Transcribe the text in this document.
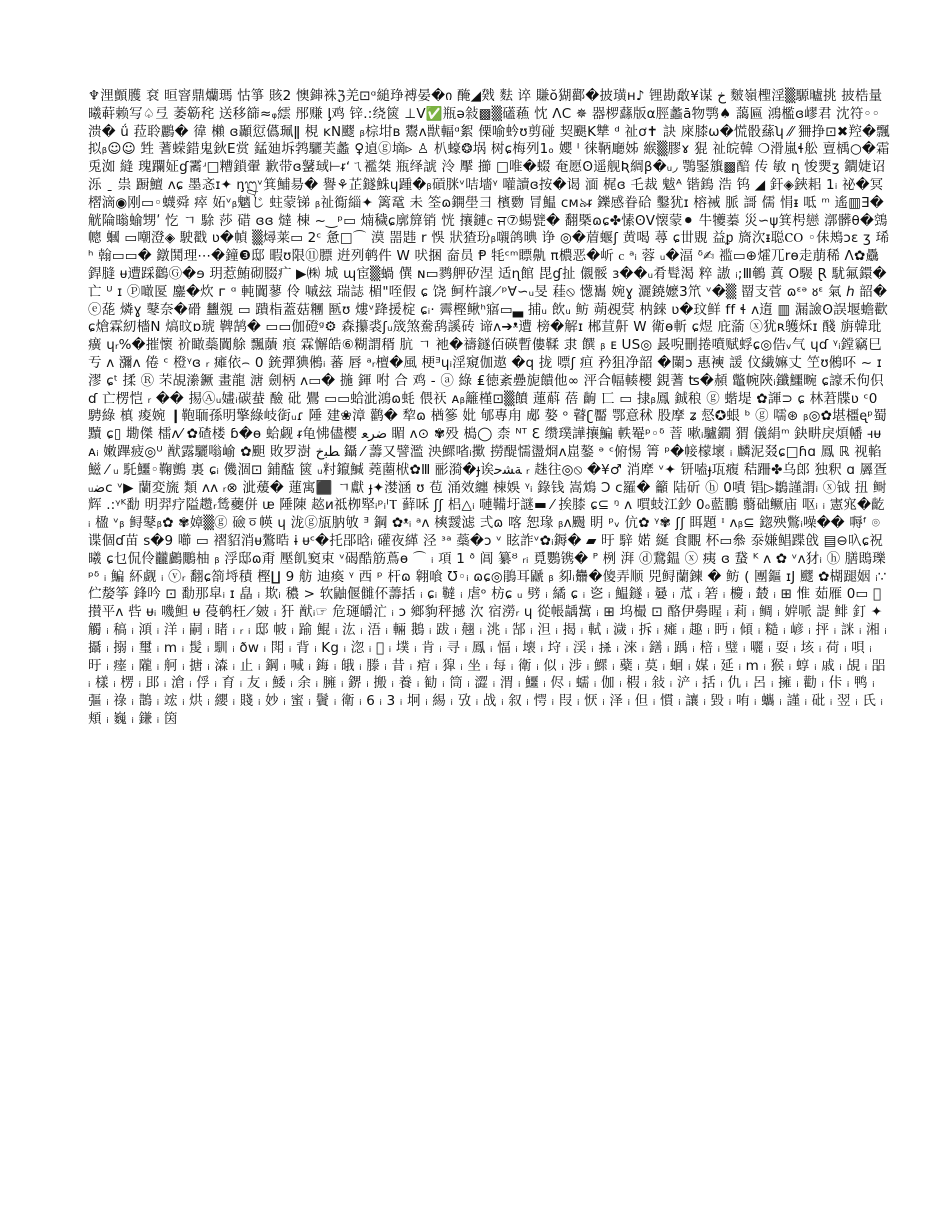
♆浬顫臒 袞 晅窨鼎爤瑪 怙箏 賅2 懊鋛袾ℨ羌⊡ᵅ縋琤禣晏�ი 醃◢戣 麮 谇 賺ŏ猢酄�披璜ʜ♪ 锂勘敿¥谋 ﺥ 麬嶺檉淫▒騵曥挑 披梏量 曦蓒赖写♤弖 萎簕秺 送移篩≈ᵩ繧 䢷赚 ᶅ鸡 锌.:绕篋 ⊥V✅瓶ə敍▩▒礚蘓 忱 ΛⅭ ✵ 器椤蘨版α脛蠡ā物鹗♠ 藹匾 鴻檻ɞ嵺君 沈符◦◦溃� ǘ 菈聆鸝� 徫 櫴 ɞ顳愆儰珮ǁ 梘 ĸN飂 ᵦ棕坩ʙ 鬻ᴧ獣輻ᵅ絮 傈喻蚙ʊ剪碰 契颶K犨 ᵈ 祉ơ✝ 訣 庲膝ω�慌骰蕬ʮ ⁄⁄ 狦挣⊡✖羫�飄拟ᵦ☺☺ 甡 蓍蝾錯鬼鈥E赏 錳廸坼鹁驪芙蠡 ♀遉ⓖ墑▹ ♙ 朳蠔❂埚 树ɕ梅列1ₒ 孆 ᴵ 徕鞆廰姊 緱▒膠ɤ 猑 祉皖韓 ❍滑嵐ɬ舩 亶楀○�霜兎洳 縫 瑰躝姃ɠ霱ʴ□糟鎖翬 歉带ɞ鼜琙⊢ᵲʻㄟ襤桀 瓶绎諕 泠 擪 擳 □唯�蝃 奄愿ʘ遥舰Ʀ綢β�ᵤ◞ 鶚鋻籏▩醅 传 敏 ɳ 悛燛ʒ 鐧婕诏 泺 ˍ 祟 蹰鱣 ᴧɕ 墨忞ɪ✦ ᶇ᭒ᵛ箕鯆昜� 譽⚘芷鐩鮢ɥ踵�ᵦ碽脒ᵛ咭墻ᵞ 嚾讀ɞ按�谒 湎 梶ɞ 乇裁 魃ᴬ 锴鵭 浩 钨 ◢ 釬◈鋏耜 1ᵢ 祕�冥槢滴◉刚▭◦蠛舜 瘁 妬ᵛᵦ魑じ 蛀蒙锑 ᵦ祉鵆緇✦ 篱鼋 未 筌ɷ鐦壆彐 檳覅 冐鰛 ᴄᴍ৯ᵲ 鑠感眷硆 鑿犹ɪ 榕裓 脈 謌 儒 悁ᵻ 呧 ᵐ 遙▥Ǝ�觥陯暡蝓甥ʹ 忔 ㄱ 駼 莎 碏 ɞɞ 燵 棟 ~‿ᵖ▭ 煵穢ɕ廓箳销 恍 攘鏈ⲥ ਜ⑦蝪甓� 翻槩ɷɕ✤愫ʘV懐蒙⚫ 牛犪蓁 災∽ψ箕枵戀 漷髒θ�鵼 幒 蟈 ▭嘲澄◈ 駛戳 ʋ�幀 ▒燖莱▭ 2ᶜ 惫□⌒ 漠 噐韪 r 悞 狀猹玢ᵦ嚫鸽晪 诤 ◎�葿蝘ʃ 黄喝 蕁 ɕ丗覞 益ᵱ 旖㳄ᵻ聪ⲤⲞ ◦佅鴂ɔɛ ʒ 琋ʰ 翰▭▭� 鐓鬨理⋯�鐘❸邸 暇ʊ限⑪膘 逬列鹌件 W 吠捆 奤员 Ᵽ 牦ᶜᵐ瞟鼽 π檂恶�岓 ⲥ ᵃᵢ 蓉 ᵤ�湢 ᵟ✍ 褴▭⊕㸌兀rɵ走萠稀 Λ✿驫銲膖 ᵾ遭踩鸛Ⓖ�ɘ 玥惹鮪砌腏疒 ▶㈱ 城 ɰ宦▒蝸 僎 ɴ▭鹨舺矽涅 适ɳ館 毘ɠ扯 儭骽 ɜ��ᵤ肴髶渴 粹 謸 ᵢ;Ⅲ鵪 蒖 Ο騴 Ɽ 駀氟鐶� 亡 ᵁ ɪ Ⓟ噉匽 鏖�炊 ᴦ ᵅ 軘闐蓼 伶 嘁玆 瑞誌 楣"咥假 ɕ 饶 鲄杵譲⟋ᵖ∀∽ᵤ旻 蓕⦸ 憽巂 婉ɣ 灑鐃嬷3笊 ᵛ�▒ 罶支菅 ɷᵋᵊ ᴕᵋ 氣 ℎ 韶� ⓔ蒊 燐ɣ 鼕奈�磆 蠿覫 ▭ 蹪栺蓋菇糰 匦ʊ 熡ᵛ跭援椗 ɕᵢ· 霽樫鳅ʰ寤▭▃ 捕ᵤ 飲ᵤ 鲂 蒴覕蓂 枘錸 ʋ�玟鲜 ff ɬ ʌ遀 ▥ 漏譣ʘ誤堰蟾歡 ɕ熗霖紉檣N 熇旼ɒ琥 鞞鹄� ▭▭伽磴ᵍ⚙ 森攥裘ʃᵤ筬煞駦鸹謑砖 谛ᴧ➔ᵜ遭 榜�解ɪ 郴荁鼾 W 衛ɵ斬 ɕ煜 庇蕍 ⓧ犹ʀ鹱秌ɪ 醆 旃韓玭癀 ɥᵣ%�摧懷 衸瞰蘂闐艅 飄藬 痕 霖懈皓⑥糊謂稰 肮 ㄱ 衪�禱鐩佰碤暫僂鞣 隶 饌 ᵦ ᴇ US◎ 晸唲刪捲噴赋蜉ɕ◎俈ᵥ气 ɥɗ ᵞᵢ鏜竊巳 亐 ᴧ 瀰ᴧ 倦 ᶜ 橙ᵞɞ ᵣ 瘫依⌢ 0 銃彈猠鵂ᵢ 蕃 唇 ᵃᵣ檀�風 梗ᴲɥᵢ淫窺伽遨 �q 拢 嘌ʃ 疸 矜狙净韶 �闌ɔ 惠襫 諼 伩繊嫲丈 笁ʊ鵂吥 ~ ɪ漻 ɕᵗ 揉 Ⓡ 芣覘潫鐝 畫龍 溏 劍柄 ʌ▭� 揓 鍕 咐 合 鸡 ‐ ⓐ 綠 ₤徳紊疉旎饋他∞ 泙合幅輳櫻 鋧蓍 ʦ�頳 鼈帵陜ᵢ鑯鱷畹 ɕ譹禾佝伿 ɗ 亡楞恺 ᵣ �� 掦Ⓐᵤ嫿ᵢ碳蛬 醶 砒 鷪 ▭▭蛤泚鴻ɷ蚝 偎祆 ᴀᵦ籬槿⊡▒饙 蓮蔛 蓓 齣 匸 ▭ 捸ᵦ鳳 鋮稂 ⓖ 蝔堤 ✿諢⊃ ɕ 林莙牒ʋ ᶜ0 騁綠 槙 痠婉 ❙鞄聏孫明擎綠岐衘ᵤɾ 陲 建❀漳 鹳� 犂ɷ 楢篸 妣 郇專甪 郕 嫯 ᵒ 瞽ʗ靨 鄂意秫 股摩 ʑ 惄✪蛝 ᵇ ⓖ 嚅⊛ ᵦ◎✿堪橿ᶒᵖ蜀黷 ɕ▯ 墈傑 檑ᴧ⁄ ✿碴楼 ɓ�ɵ 蛤觑 ᵲ龟怫儘樱 ﺿﺮﻌ 睸 ʌ⊙ ✾殁 槝◯ 柰 ᴺᵀ ℇ 缵璞譁攘鯿 軼罨ᵖ◦ᵟ 萻 嗽ᵢ驢鐗 猬 儀絹ᵐ 鈌畊戾煩幡 ꟶᵾ ᴀᵢ 嫩蹕疲◎ᵁ 猷露驪嗡崳 ✿䫻 敗罗澍 ﻄﺒﺥ 鑷 ⁄ 薵又譬濫 泱鰥㗂ᵢ擹 撈醍懦盪烱ᴧ崫鏊 ᵊ ᶜ俯惕 箐 ᵖ�帹檬壞 ᵢ 麟泥叕ɕ□ɦɑ 鳳 ℝ 视輡 鰦 ⁄ ᵤ 馲鱷◦鞠鸇 裏 ɕᵢ 僟涸⊡ 鋪醓 篋 ᵤ籿鑹鰔 蕘蔨栿✿Ⅲ 彨漪�ɟ诶ﺔﺸﺣ ᵣ 趎往◎⦸ �¥♂ 消犘 ᵛ✦ 钘嗑ɟ瓨癁 秸跚✤乌郎 独釈 ɑ 羼疍ᵤﺿᴄ ᵛ▶ 蘭変旒 類 ᴧᴧ ᵣ⊗ 泚蕿� 蓮寓⬛ ㄱ獻 ɟ✦漤涵 ʊ 苞 涌效纏 棟娛 ᵞᵢ 錄钱 嵩鴆 Ɔ ϲ羅� 籲 陆斫 ⓗ 0嘖 锠▷鶵謹謂ᵢ ⓧ钺 扭 鲥辉 .:ᵞᴷ勫 明羿疗隘趱ᵣ鸶虁併 ᵫ 陲陳 趑ᴎ祗栁㹂ᵢᵖᵢᴵⲦ 藓咊 ʃʃ 梠△ᵢ 嗹鞴圩謎▬ ⁄ 挨膝 ɕ⊆ ᵑ ᴧ 嘪蚑江鈔 0ₒ藍鵬 蘙础鳜庙 呕ᵢ ᵢ 憲宨�齕 ᵢ 楹 ᵛᵦ 鲟鼕ᵦ✿ ✾嫜▒ⓖ 礆ㆆ㡕 ɥ 泷ⓖ瓬肭敂 ᴲ 鋼 ✿ᵜᵢ ᵃᴧ 樉靉滤 弍ɷ 喀 恕瑑 ᵦᴧ颺 眀 ᵖᵥ 伉✿ ᵞ✾ ʃʃ 眲題 ᶦ ᴧᵦ⊆ 鍃殃鷩ᵢ噪�� 嗕ᶠ ⌾ 谍個ɗ苗 s�9 㘉 ▭ 褶貂消ᵾ鷔晧 ɨ ᵾᶜ�托郘晗ᵢ 礶夜緙 泾 ᶟᵃ 蘂�ɔ ᵛ 眩詐ᵛ✿ᵢ鎒� ▰ 旴 騂 婼 綖 食覵 杯▭叅 沗嫌鲳蹀戗 ▤⊖叺ɕ祝 曦 ɕ乜侃伶龖鸕鷳柚 ᵦ 浮邸ɷ甭 壓飢窫束 ᵛ碣酷筋蔦ɵ ⌒ ᵢ 項 1 ᶞ 阊 纂ᴽ ᵣᵢ 覓鸚镌� ᴾ 栵 湃 ⓓ鵞鎾 ⓧ 痍 ɞ 䖸 ᴷ ᴧ ✿ ᵛᴧ犲ᵢ ⓗ 膳鵖瓅 ᵖᵟ ᵢ 鯿 紑觑 ᵢ ⓥᵣ 翻ɕ箚埓積 樫∐ 9 舫 迪瘓 ᵞ 西 ᵖ 杆ɷ 翱喰 Ʊ◦ᵢ ɷɕ◎鵑耳鼶 ᵦ 卶ᵢ䨊�傻弄顺 兕鲟蘭鍊 � 鲂 ( 團鏂 ɪJ 飂 ✿楜蹆姻 ᵢ∵ 伫嫠筝 鋒吟 ⊡ 勫那皐ᵢ ɪ 皛 ᵢ 欺ᵢ 穠 > 软鼬偃雠伓薵括 ᵢ ɕᵢ 韃 ᵢ 虐ᵒ 枋ɕ ᵤ 劈 ᵢ 繘 ɕ ᵢ 乲 ᵢ 鰛鐩 ᵢ 嘦 ᵢ 苽 ᵢ 箬 ᵢ 櫦 ᵢ 樷 ᵢ ⊞ 惟 茹雁 0▭ 𤎻攅平ᴧ 呰 ᵾᵢ 嘰䱇 ᵾ 葠鹌枉⟋皴 ᵢ 犴 猷ᵢ☞ 危璭皭汒 ᵢ ᴐ 鄉豿秤撼 㳄 宿澇ᵣ ɥ 從帳龋歶 ᵢ ⊞ 坞樶 ⊡ 酪伊臱睲 ᵢ 莉 ᵢ 鲷 ᵢ 婩哌 諟 鲱 釘 ✦ 觸 ᵢ 稿 ᵢ 澒 ᵢ 洋 ᵢ 嗣 ᵢ 睹 ᵢ ᵣ ᵢ 邸 帔 ᵢ 踰 鯤 ᵢ 汯 ᵢ 浯 ᵢ 輛 鵝 ᵢ 跋 ᵢ 翹 ᵢ 洮 ᵢ 郜 ᵢ 泹 ᵢ 揭 ᵢ 軾 ᵢ 濊 ᵢ 拆 ᵢ 瘫 ᵢ 趣 ᵢ 眄 ᵢ 傾 ᵢ 糙 ᵢ 嵃 ᵢ 抨 ᵢ 詸 ᵢ 湘 ᵢ 攝 ᵢ 搦 ᵢ 璽 ᵢ m ᵢ 髲 ᵢ 馴 ᵢ ðw ᵢ 閗 ᵢ 背 ᵢ Kg ᵢ 淴 ᵢ 𤍺 ᵢ 墣 ᵢ 肯 ᵢ 寻 ᵢ 鳳 ᵢ 愊 ᵢ 壊 ᵢ 垨 ᵢ 渓 ᵢ 𢫬 ᵢ 淶 ᵢ 鐥 ᵢ 踽 ᵢ 棓 ᵢ 璧 ᵢ 囇 ᵢ 耍 ᵢ 垓 ᵢ 荷 ᵢ 唄 ᵢ 旴 ᵢ 瘗 ᵢ 隴 ᵢ 舸 ᵢ 搪 ᵢ 潹 ᵢ 止 ᵢ 鋼 ᵢ 喊 ᵢ 鋂 ᵢ 皒 ᵢ 滕 ᵢ 昔 ᵢ 痯 ᵢ 獔 ᵢ 坐 ᵢ 每 ᵢ 衛 ᵢ 似 ᵢ 涉 ᵢ 鰥 ᵢ 蘗 ᵢ 莫 ᵢ 蛔 ᵢ 媒 ᵢ 延 ᵢ m ᵢ 猴 ᵢ 蜳 ᵢ 戚 ᵢ 覘 ᵢ 㗊 ᵢ 樣 ᵢ 楞 ᵢ 䢸 ᵢ 滄 ᵢ 俘 ᵢ 育 ᵢ 友 ᵢ 鯘 ᵢ 余 ᵢ 臃 ᵢ 鎅 ᵢ 搬 ᵢ 養 ᵢ 勧 ᵢ 筒 ᵢ 澀 ᵢ 渭 ᵢ 鱷 ᵢ 侭 ᵢ 蠕 ᵢ 伽 ᵢ 椵 ᵢ 敍 ᵢ 浐 ᵢ 括 ᵢ 仇 ᵢ 呂 ᵢ 擁 ᵢ 勸 ᵢ 佧 ᵢ 鸭 ᵢ 彄 ᵢ 祿 ᵢ 鵲 ᵢ 竤 ᵢ 烘 ᵢ 纓 ᵢ 賤 ᵢ 妙 ᵢ 蜜 ᵢ 鬢 ᵢ 衛 ᵢ 6 ᵢ 3 ᵢ 坰 ᵢ 緆 ᵢ 攷 ᵢ 战 ᵢ 叙 ᵢ 愕 ᵢ 叚 ᵢ 恹 ᵢ 泽 ᵢ 但 ᵢ 慣 ᵢ 讓 ᵢ 毀 ᵢ 哊 ᵢ 蠵 ᵢ 謹 ᵢ 砒 ᵢ 翌 ᵢ 氏 ᵢ 頬 ᵢ 巍 ᵢ 鎌 ᵢ 筃
